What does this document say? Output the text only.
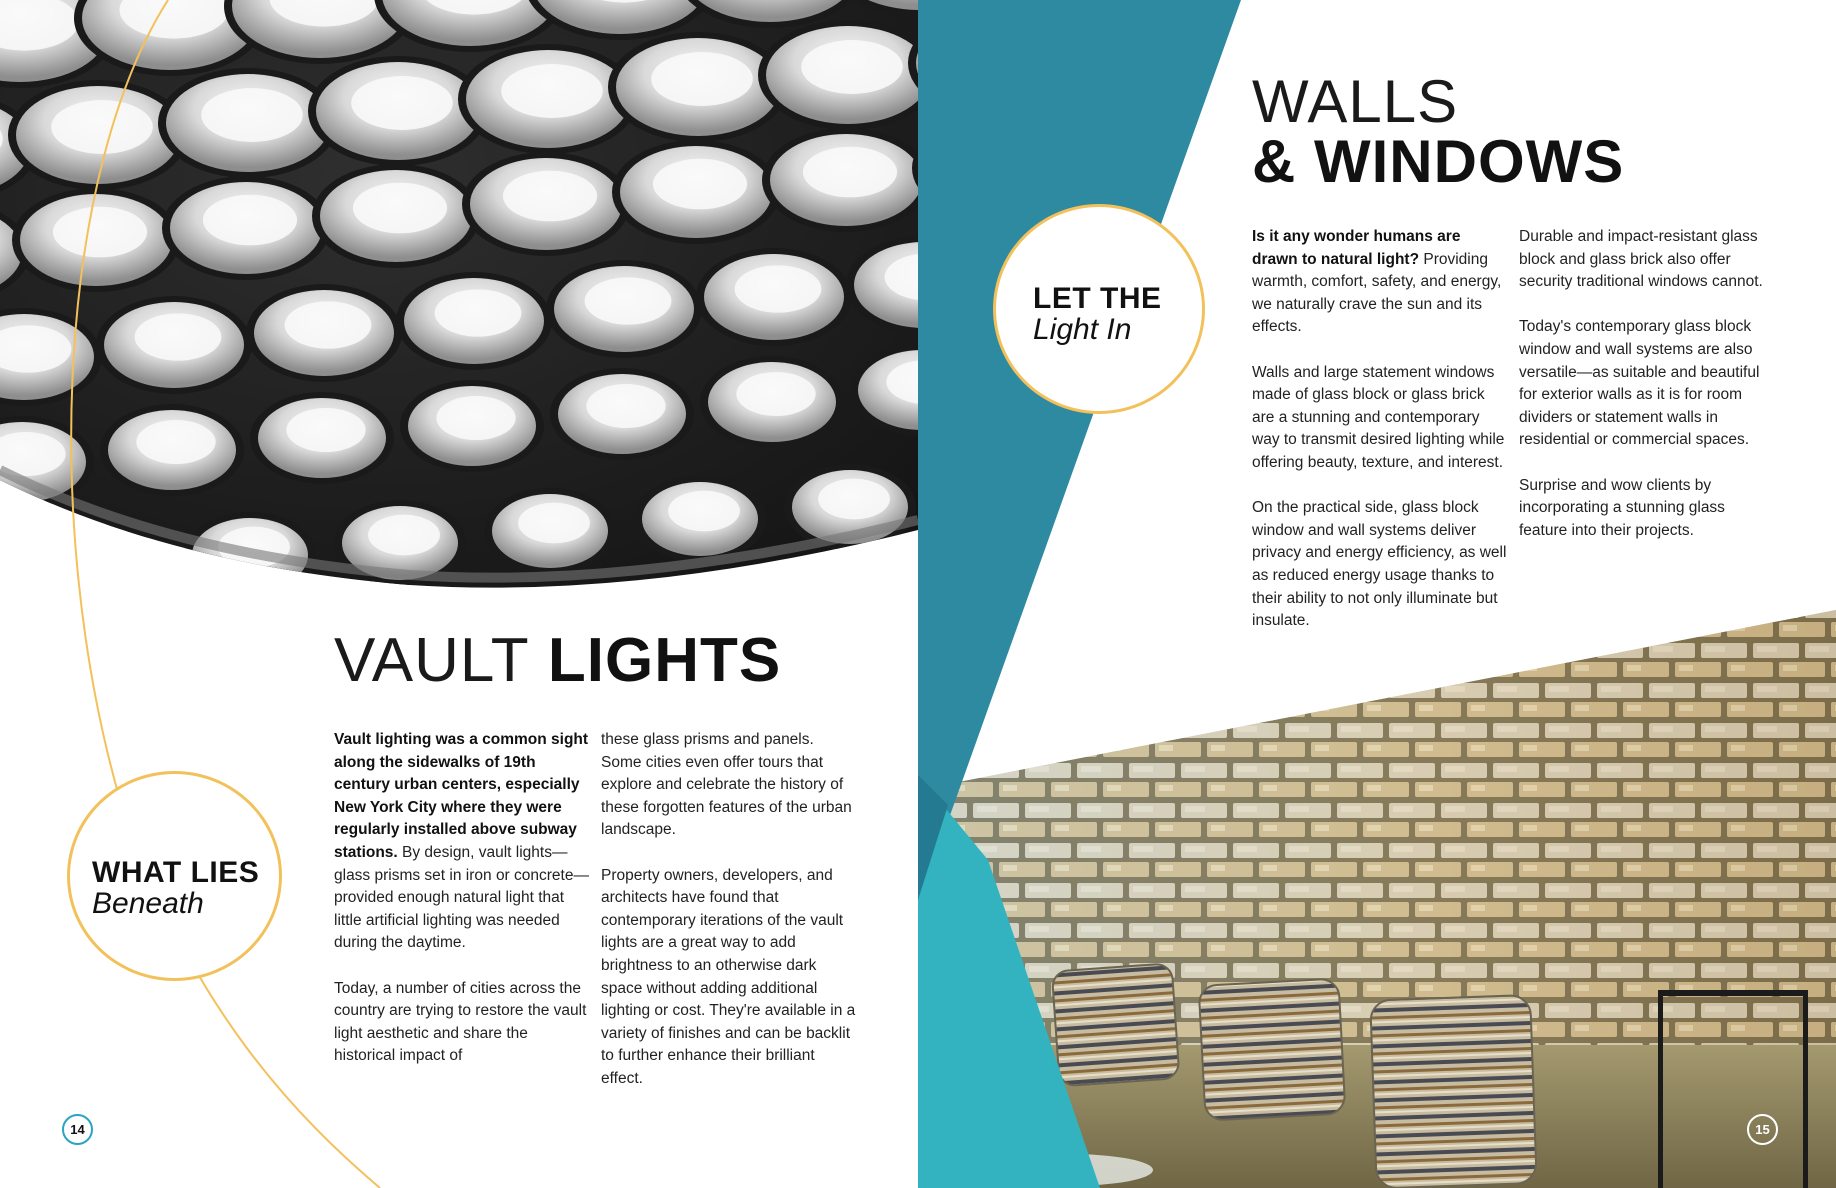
VAULT LIGHTS

Vault lighting was a common sight along the sidewalks of 19th century urban centers, especially New York City where they were regularly installed above subway stations. By design, vault lights—glass prisms set in iron or concrete—provided enough natural light that little artificial lighting was needed during the daytime.

Today, a number of cities across the country are trying to restore the vault light aesthetic and share the historical impact of

these glass prisms and panels. Some cities even offer tours that explore and celebrate the history of these forgotten features of the urban landscape.

Property owners, developers, and architects have found that contemporary iterations of the vault lights are a great way to add brightness to an otherwise dark space without adding additional lighting or cost. They're available in a variety of finishes and can be backlit to further enhance their brilliant effect.

WHAT LIES
Beneath
14
WALLS
& WINDOWS

Is it any wonder humans are drawn to natural light? Providing warmth, comfort, safety, and energy, we naturally crave the sun and its effects.

Walls and large statement windows made of glass block or glass brick are a stunning and contemporary way to transmit desired lighting while offering beauty, texture, and interest.

On the practical side, glass block window and wall systems deliver privacy and energy efficiency, as well as reduced energy usage thanks to their ability to not only illuminate but insulate.

Durable and impact-resistant glass block and glass brick also offer security traditional windows cannot.

Today's contemporary glass block window and wall systems are also versatile—as suitable and beautiful for exterior walls as it is for room dividers or statement walls in residential or commercial spaces.

Surprise and wow clients by incorporating a stunning glass feature into their projects.

LET THE
Light In
15
